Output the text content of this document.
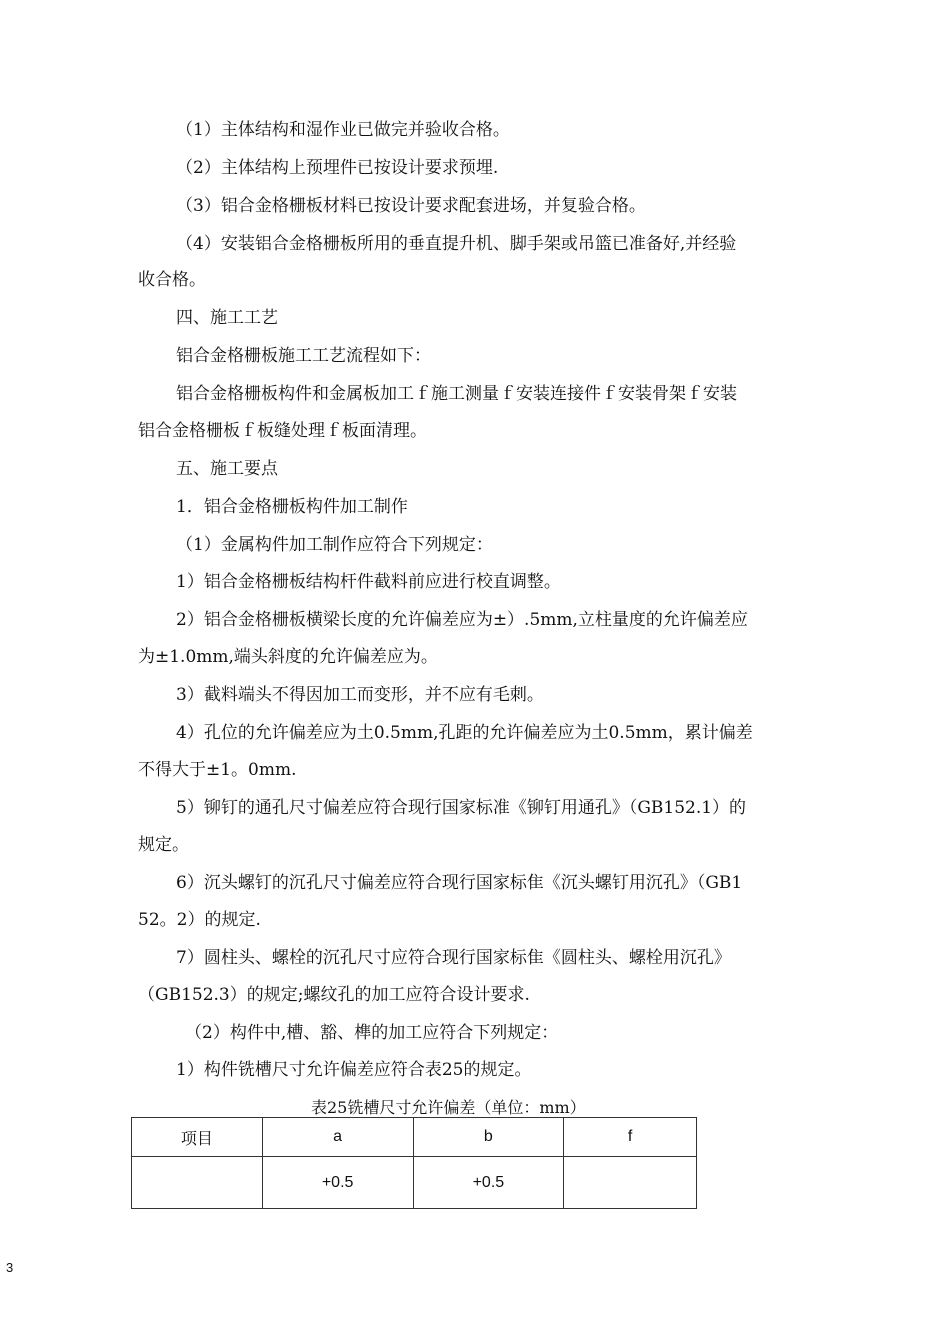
（1）主体结构和湿作业已做完并验收合格。
（2）主体结构上预埋件已按设计要求预埋.
（3）铝合金格栅板材料已按设计要求配套进场，并复验合格。
（4）安装铝合金格栅板所用的垂直提升机、脚手架或吊篮已准备好,并经验
收合格。
四、施工工艺
铝合金格栅板施工工艺流程如下：
铝合金格栅板构件和金属板加工ｆ施工测量ｆ安装连接件ｆ安装骨架ｆ安装
铝合金格栅板ｆ板缝处理ｆ板面清理。
五、施工要点
1．铝合金格栅板构件加工制作
（1）金属构件加工制作应符合下列规定：
1）铝合金格栅板结构杆件截料前应进行校直调整。
2）铝合金格栅板横梁长度的允许偏差应为±）.5mm,立柱量度的允许偏差应
为±1.0mm,端头斜度的允许偏差应为。
3）截料端头不得因加工而变形，并不应有毛刺。
4）孔位的允许偏差应为土0.5mm,孔距的允许偏差应为土0.5mm，累计偏差
不得大于±1。0mm.
5）铆钉的通孔尺寸偏差应符合现行国家标准《铆钉用通孔》（GB152.1）的
规定。
6）沉头螺钉的沉孔尺寸偏差应符合现行国家标隹《沉头螺钉用沉孔》（GB1
52。2）的规定.
7）圆柱头、螺栓的沉孔尺寸应符合现行国家标隹《圆柱头、螺栓用沉孔》
（GB152.3）的规定;螺纹孔的加工应符合设计要求.
（2）构件中,槽、豁、榫的加工应符合下列规定：
1）构件铣槽尺寸允许偏差应符合表25的规定。
表25铣槽尺寸允许偏差（单位：mm）
项目	a	b	f
	+0.5	+0.5	
3
